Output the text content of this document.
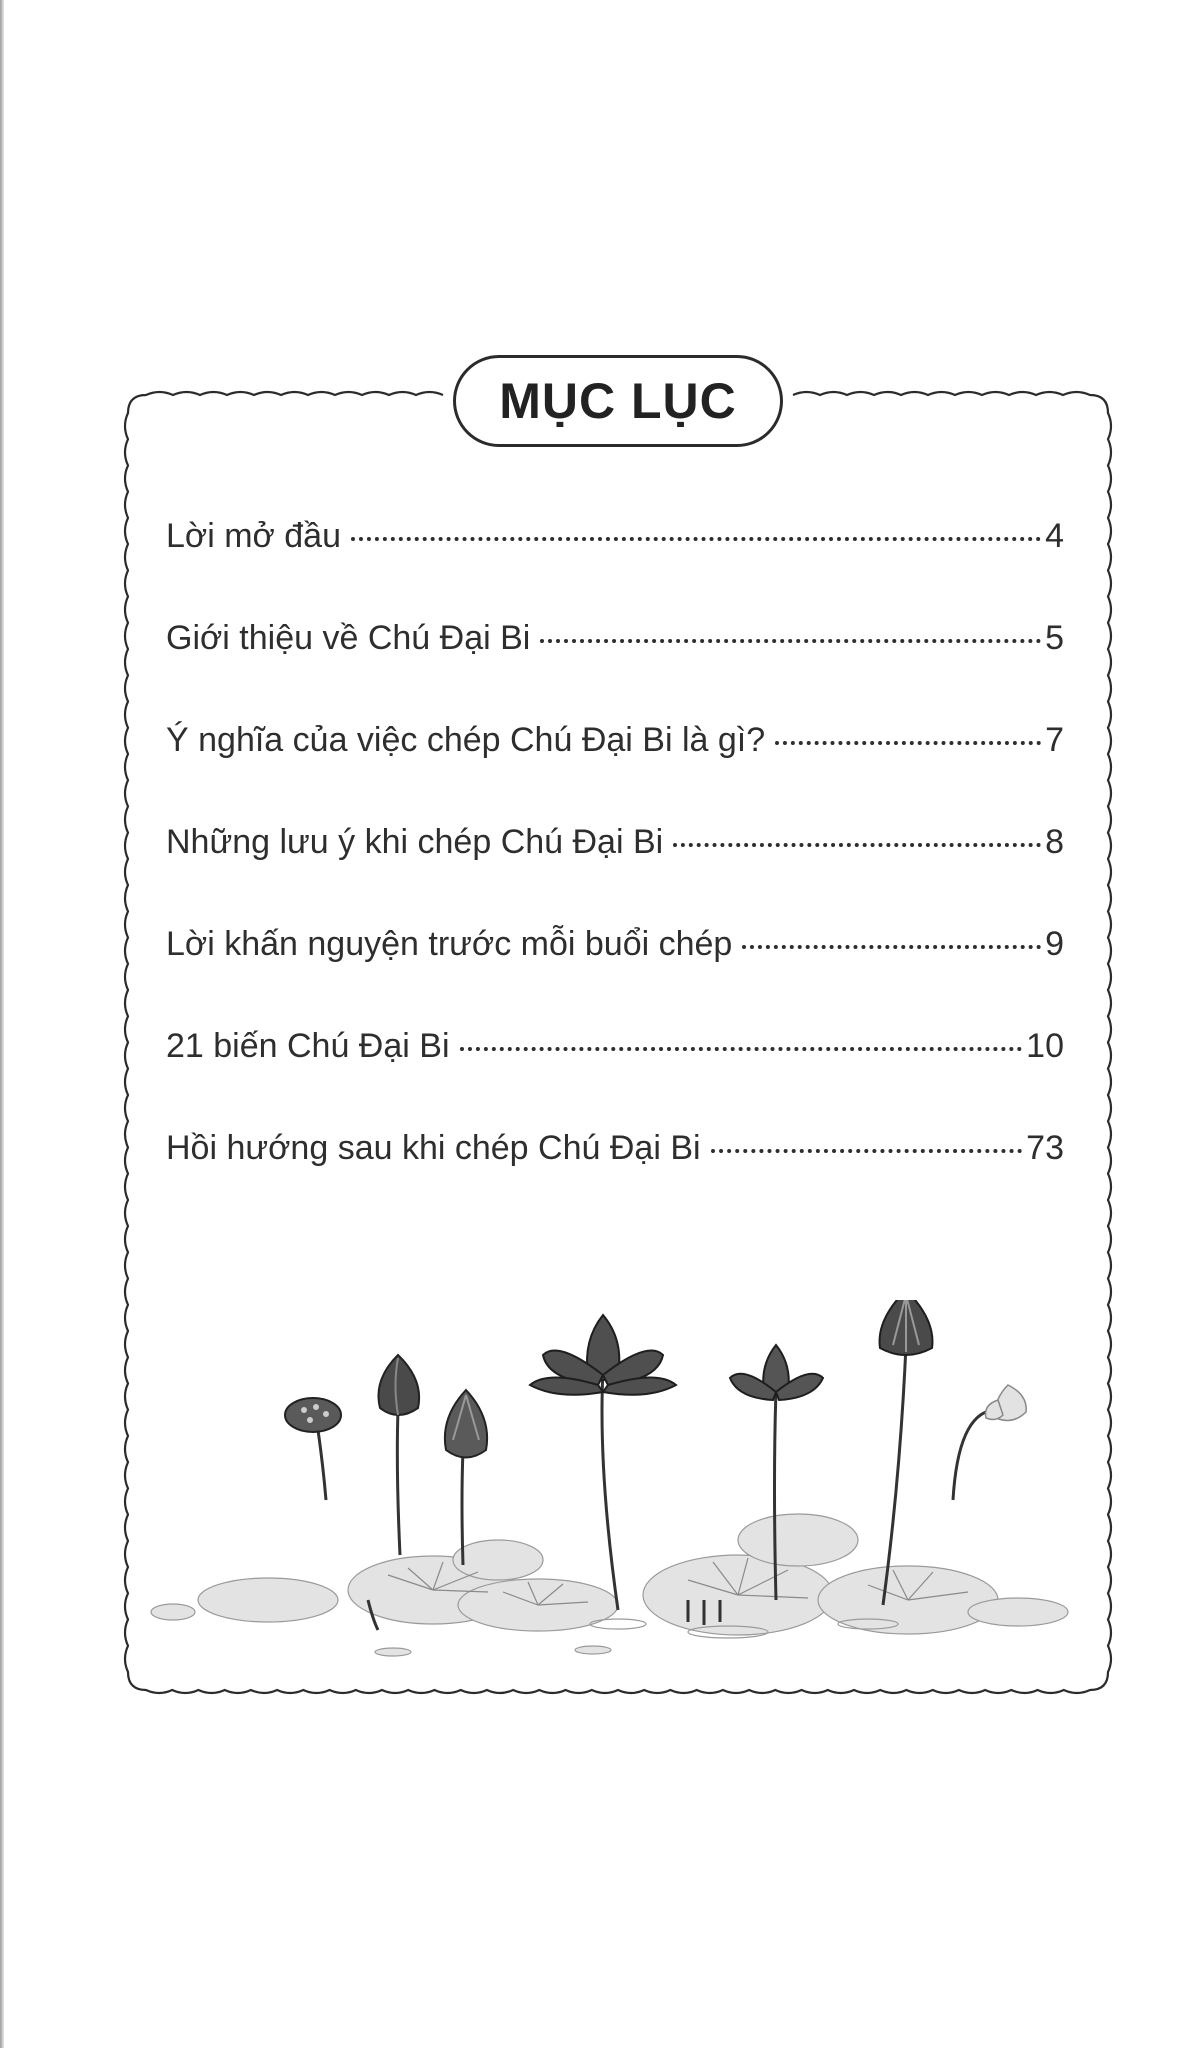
MỤC LỤC
Lời mở đầu	4
Giới thiệu về Chú Đại Bi	5
Ý nghĩa của việc chép Chú Đại Bi là gì?	7
Những lưu ý khi chép Chú Đại Bi	8
Lời khấn nguyện trước mỗi buổi chép	9
21 biến Chú Đại Bi	10
Hồi hướng sau khi chép Chú Đại Bi	73
